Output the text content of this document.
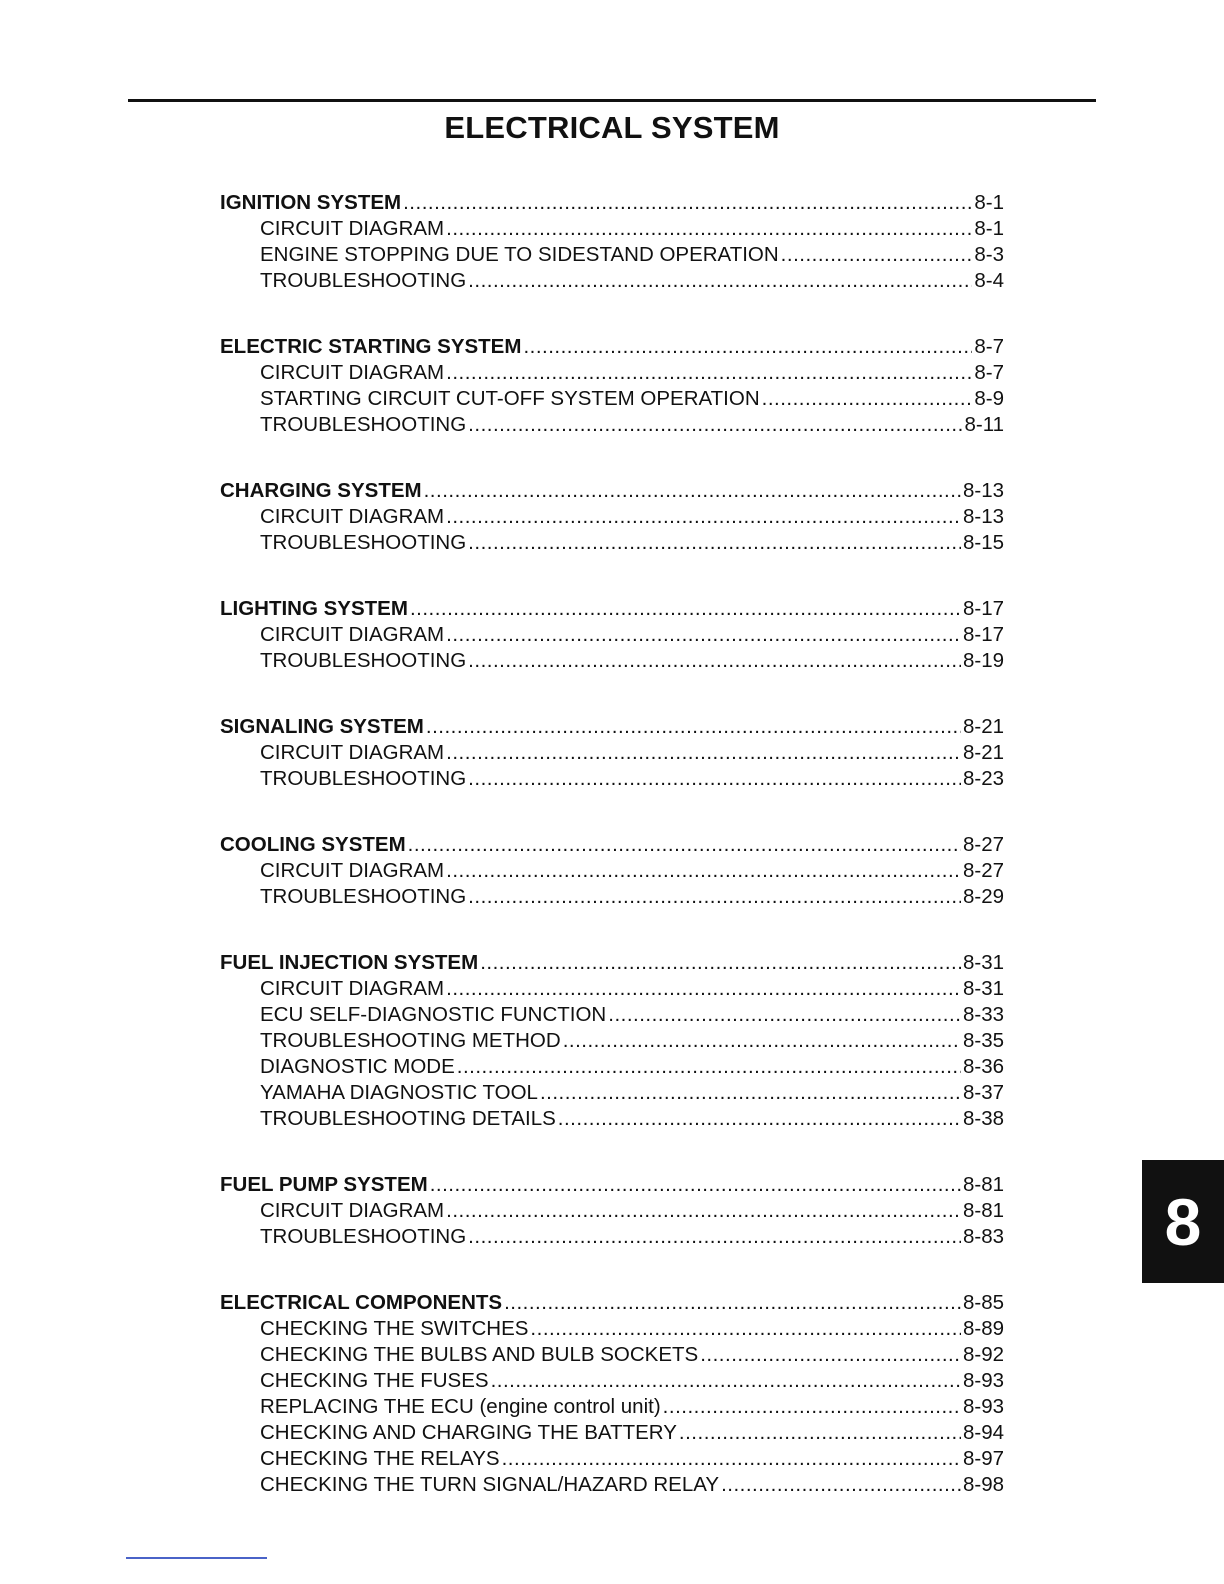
ELECTRICAL SYSTEM
IGNITION SYSTEM .....	8-1
CIRCUIT DIAGRAM .....	8-1
ENGINE STOPPING DUE TO SIDESTAND OPERATION .....	8-3
TROUBLESHOOTING .....	8-4
ELECTRIC STARTING SYSTEM .....	8-7
CIRCUIT DIAGRAM .....	8-7
STARTING CIRCUIT CUT-OFF SYSTEM OPERATION .....	8-9
TROUBLESHOOTING .....	8-11
CHARGING SYSTEM .....	8-13
CIRCUIT DIAGRAM .....	8-13
TROUBLESHOOTING .....	8-15
LIGHTING SYSTEM .....	8-17
CIRCUIT DIAGRAM .....	8-17
TROUBLESHOOTING .....	8-19
SIGNALING SYSTEM .....	8-21
CIRCUIT DIAGRAM .....	8-21
TROUBLESHOOTING .....	8-23
COOLING SYSTEM .....	8-27
CIRCUIT DIAGRAM .....	8-27
TROUBLESHOOTING .....	8-29
FUEL INJECTION SYSTEM .....	8-31
CIRCUIT DIAGRAM .....	8-31
ECU SELF-DIAGNOSTIC FUNCTION .....	8-33
TROUBLESHOOTING METHOD .....	8-35
DIAGNOSTIC MODE .....	8-36
YAMAHA DIAGNOSTIC TOOL .....	8-37
TROUBLESHOOTING DETAILS .....	8-38
FUEL PUMP SYSTEM .....	8-81
CIRCUIT DIAGRAM .....	8-81
TROUBLESHOOTING .....	8-83
ELECTRICAL COMPONENTS .....	8-85
CHECKING THE SWITCHES .....	8-89
CHECKING THE BULBS AND BULB SOCKETS .....	8-92
CHECKING THE FUSES .....	8-93
REPLACING THE ECU (engine control unit) .....	8-93
CHECKING AND CHARGING THE BATTERY .....	8-94
CHECKING THE RELAYS .....	8-97
CHECKING THE TURN SIGNAL/HAZARD RELAY .....	8-98
8
